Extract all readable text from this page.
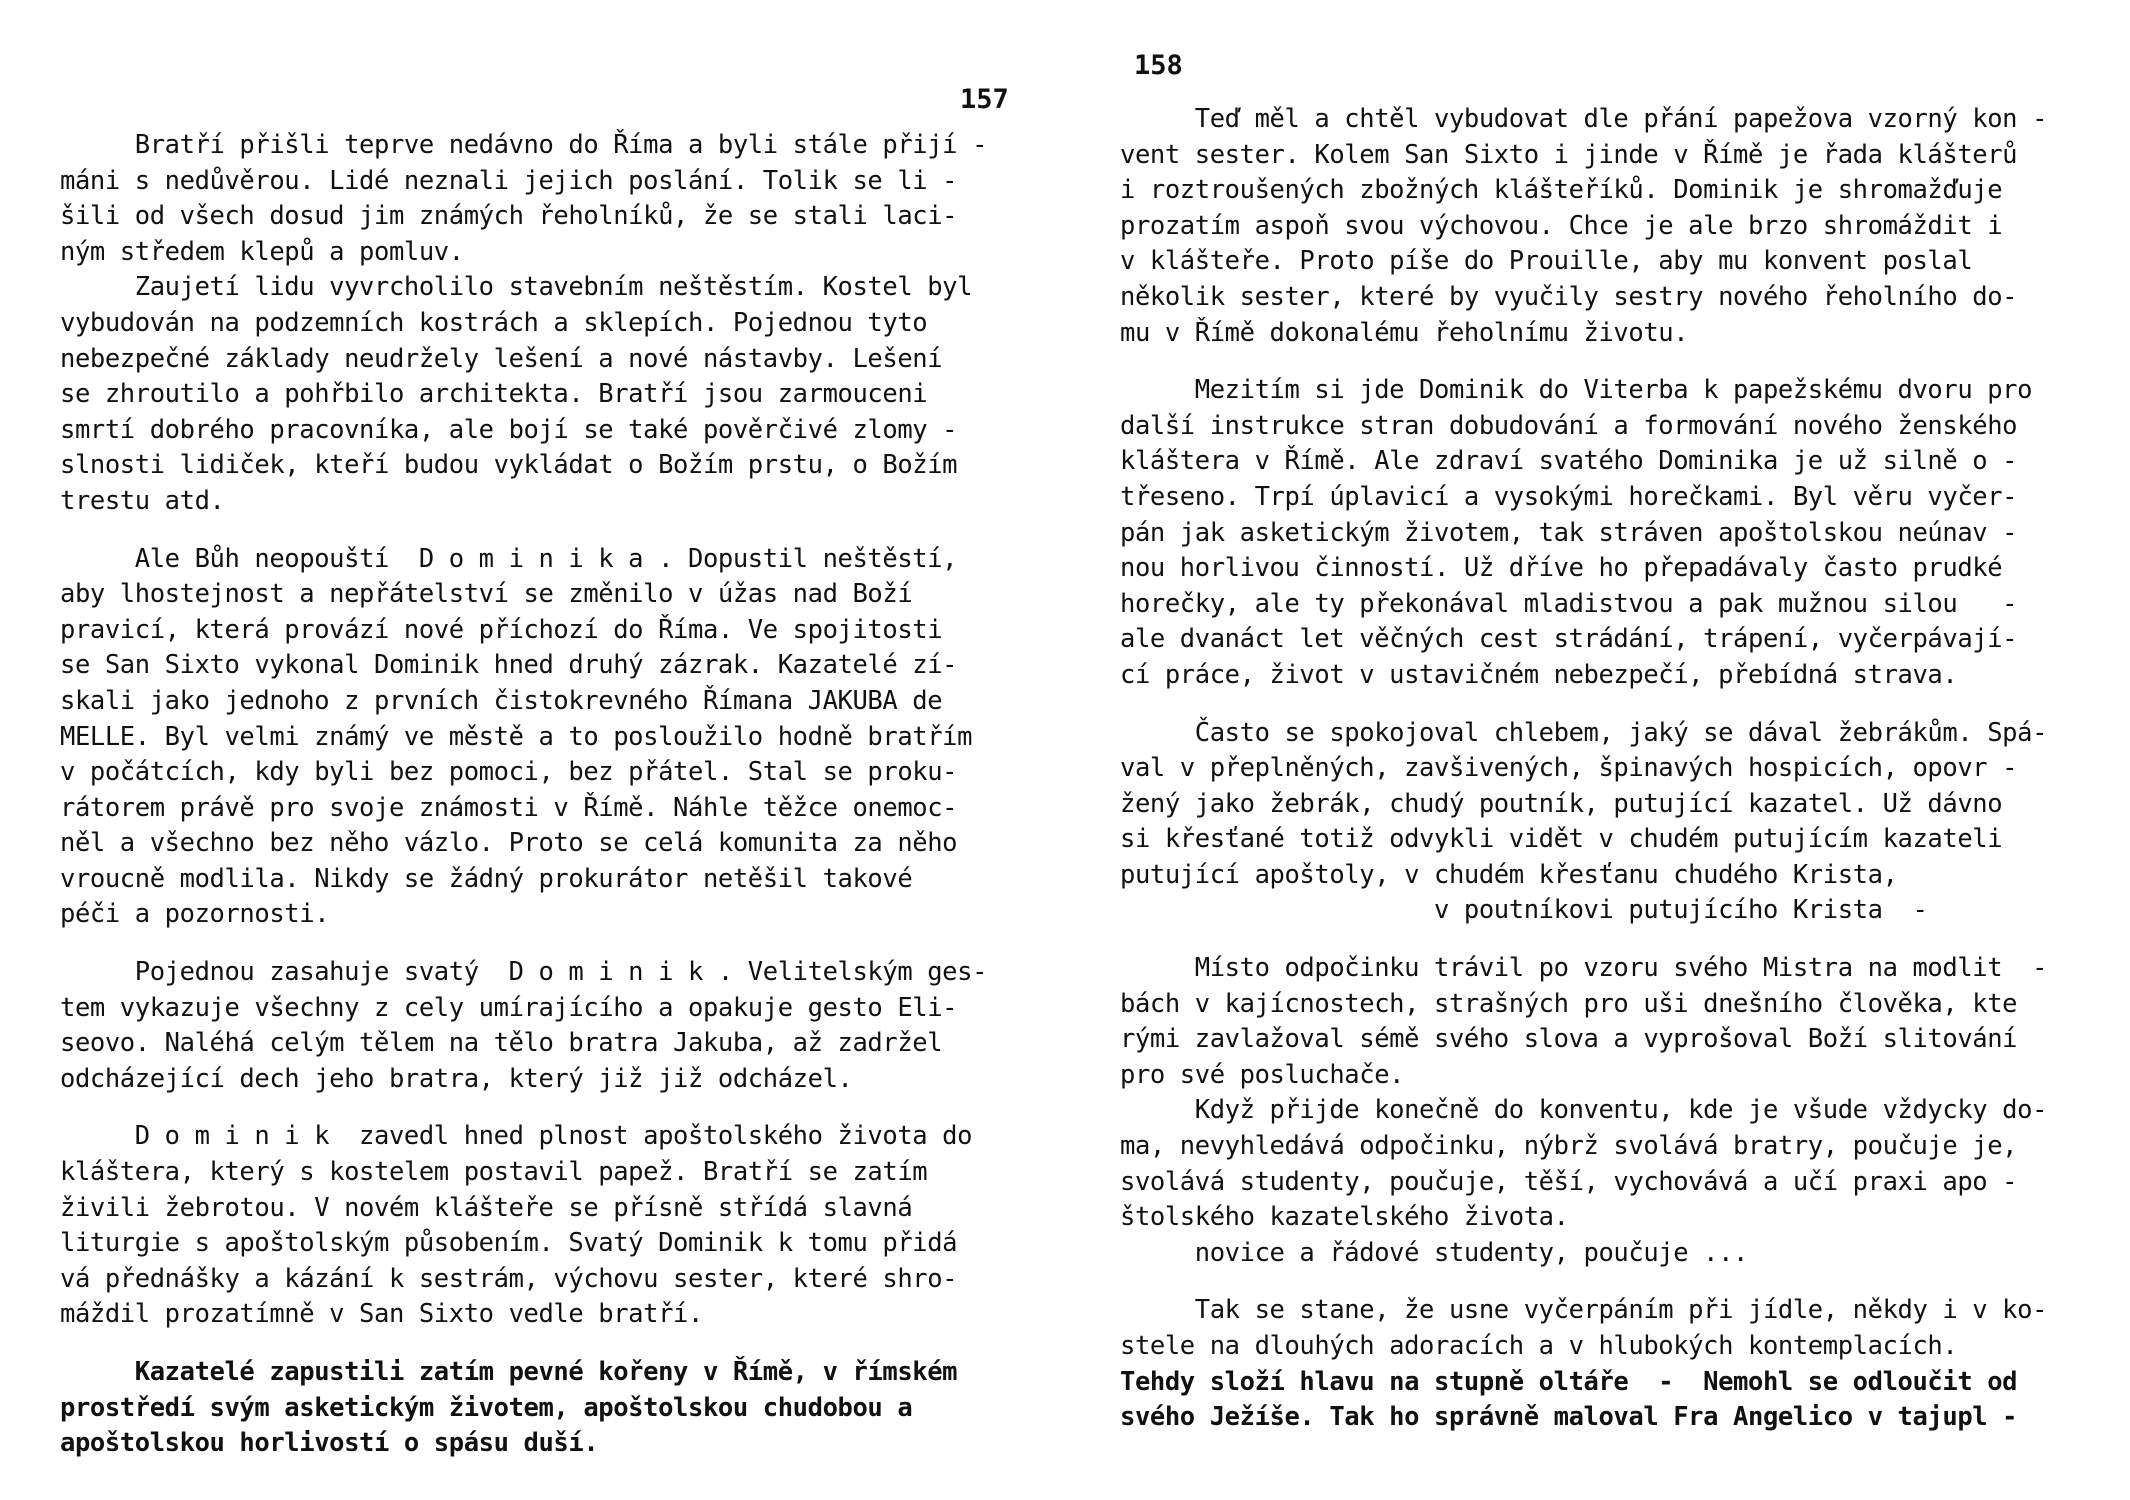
157
Bratří přišli teprve nedávno do Říma a byli stále přijí -
máni s nedůvěrou. Lidé neznali jejich poslání. Tolik se li -
šili od všech dosud jim známých řeholníků, že se stali laci-
ným středem klepů a pomluv.
Zaujetí lidu vyvrcholilo stavebním neštěstím. Kostel byl
vybudován na podzemních kostrách a sklepích. Pojednou tyto
nebezpečné základy neudržely lešení a nové nástavby. Lešení
se zhroutilo a pohřbilo architekta. Bratří jsou zarmouceni
smrtí dobrého pracovníka, ale bojí se také pověrčivé zlomy -
slnosti lidiček, kteří budou vykládat o Božím prstu, o Božím
trestu atd.
Ale Bůh neopouští  D o m i n i k a . Dopustil neštěstí,
aby lhostejnost a nepřátelství se změnilo v úžas nad Boží
pravicí, která provází nové příchozí do Říma. Ve spojitosti
se San Sixto vykonal Dominik hned druhý zázrak. Kazatelé zí-
skali jako jednoho z prvních čistokrevného Římana JAKUBA de
MELLE. Byl velmi známý ve městě a to posloužilo hodně bratřím
v počátcích, kdy byli bez pomoci, bez přátel. Stal se proku-
rátorem právě pro svoje známosti v Římě. Náhle těžce onemoc-
něl a všechno bez něho vázlo. Proto se celá komunita za něho
vroucně modlila. Nikdy se žádný prokurátor netěšil takové
péči a pozornosti.
Pojednou zasahuje svatý  D o m i n i k . Velitelským ges-
tem vykazuje všechny z cely umírajícího a opakuje gesto Eli-
seovo. Naléhá celým tělem na tělo bratra Jakuba, až zadržel
odcházející dech jeho bratra, který již již odcházel.
D o m i n i k  zavedl hned plnost apoštolského života do
kláštera, který s kostelem postavil papež. Bratří se zatím
živili žebrotou. V novém klášteře se přísně střídá slavná
liturgie s apoštolským působením. Svatý Dominik k tomu přidá
vá přednášky a kázání k sestrám, výchovu sester, které shro-
máždil prozatímně v San Sixto vedle bratří.
Kazatelé zapustili zatím pevné kořeny v Římě, v římském
prostředí svým asketickým životem, apoštolskou chudobou a
apoštolskou horlivostí o spásu duší.
158
Teď měl a chtěl vybudovat dle přání papežova vzorný kon -
vent sester. Kolem San Sixto i jinde v Římě je řada klášterů
i roztroušených zbožných klášteříků. Dominik je shromažďuje
prozatím aspoň svou výchovou. Chce je ale brzo shromáždit i
v klášteře. Proto píše do Prouille, aby mu konvent poslal
několik sester, které by vyučily sestry nového řeholního do-
mu v Římě dokonalému řeholnímu životu.
Mezitím si jde Dominik do Viterba k papežskému dvoru pro
další instrukce stran dobudování a formování nového ženského
kláštera v Římě. Ale zdraví svatého Dominika je už silně o -
třeseno. Trpí úplavicí a vysokými horečkami. Byl věru vyčer-
pán jak asketickým životem, tak stráven apoštolskou neúnav -
nou horlivou činností. Už dříve ho přepadávaly často prudké
horečky, ale ty překonával mladistvou a pak mužnou silou   -
ale dvanáct let věčných cest strádání, trápení, vyčerpávají-
cí práce, život v ustavičném nebezpečí, přebídná strava.
Často se spokojoval chlebem, jaký se dával žebrákům. Spá-
val v přeplněných, zavšivených, špinavých hospicích, opovr -
žený jako žebrák, chudý poutník, putující kazatel. Už dávno
si křesťané totiž odvykli vidět v chudém putujícím kazateli
putující apoštoly, v chudém křesťanu chudého Krista,
v poutníkovi putujícího Krista  -
Místo odpočinku trávil po vzoru svého Mistra na modlit  -
bách v kajícnostech, strašných pro uši dnešního člověka, kte
rými zavlažoval sémě svého slova a vyprošoval Boží slitování
pro své posluchače.
Když přijde konečně do konventu, kde je všude vždycky do-
ma, nevyhledává odpočinku, nýbrž svolává bratry, poučuje je,
svolává studenty, poučuje, těší, vychovává a učí praxi apo -
štolského kazatelského života.
novice a řádové studenty, poučuje ...
Tak se stane, že usne vyčerpáním při jídle, někdy i v ko-
stele na dlouhých adoracích a v hlubokých kontemplacích.
Tehdy složí hlavu na stupně oltáře  -  Nemohl se odloučit od
svého Ježíše. Tak ho správně maloval Fra Angelico v tajupl -
